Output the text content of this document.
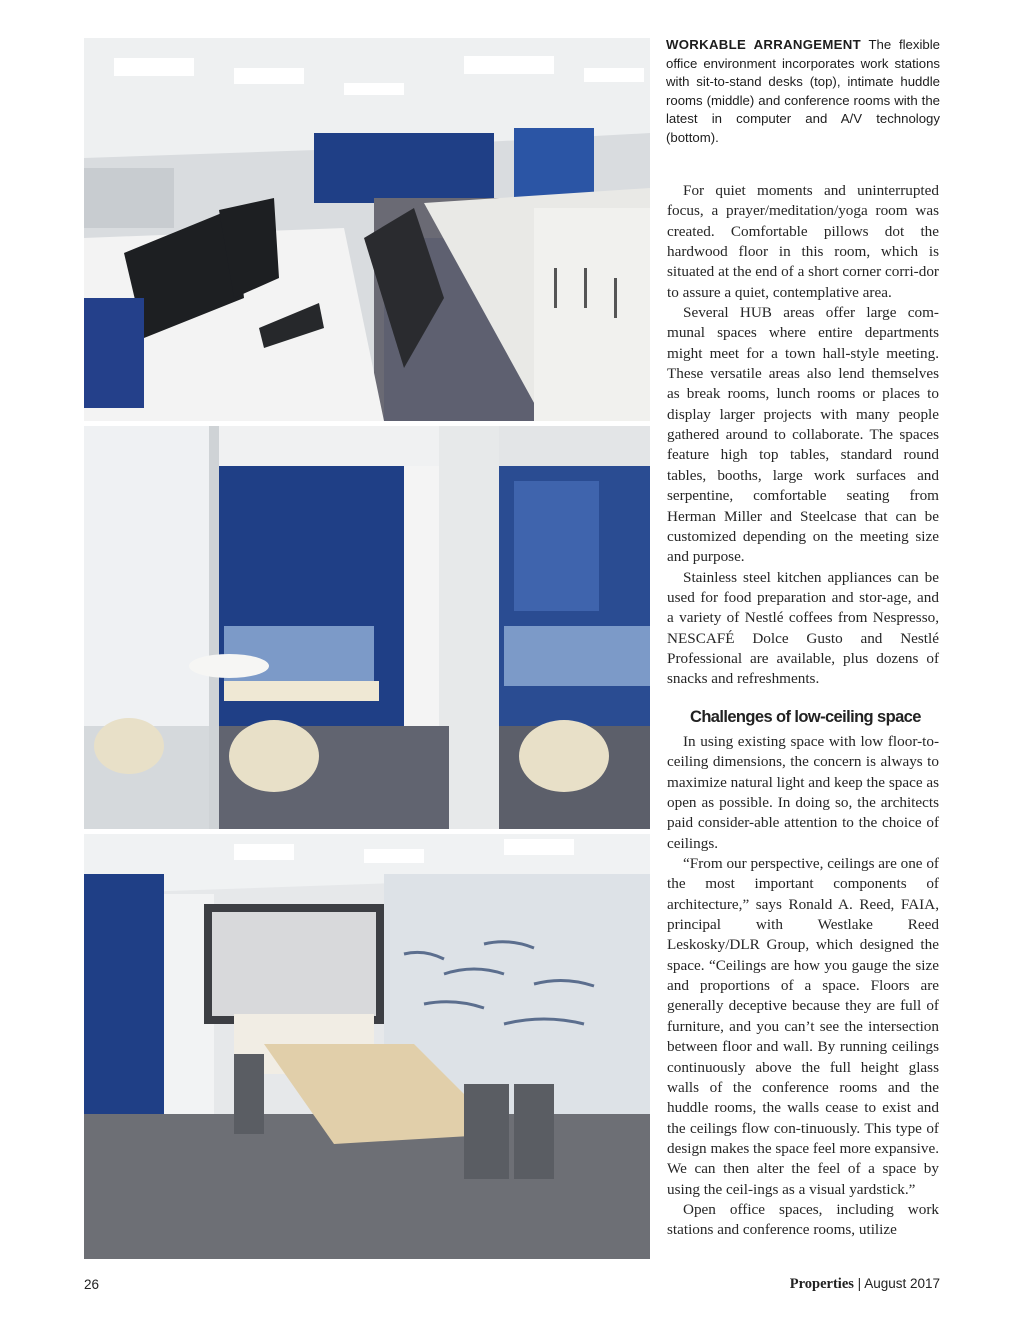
WORKABLE ARRANGEMENT The flexible office environment incorporates work stations with sit-to-stand desks (top), intimate huddle rooms (middle) and conference rooms with the latest in computer and A/V technology (bottom).

For quiet moments and uninterrupted focus, a prayer/meditation/yoga room was created. Comfortable pillows dot the hardwood floor in this room, which is situated at the end of a short corner corri-dor to assure a quiet, contemplative area.

Several HUB areas offer large com-munal spaces where entire departments might meet for a town hall-style meeting. These versatile areas also lend themselves as break rooms, lunch rooms or places to display larger projects with many people gathered around to collaborate. The spaces feature high top tables, standard round tables, booths, large work surfaces and serpentine, comfortable seating from Herman Miller and Steelcase that can be customized depending on the meeting size and purpose.

Stainless steel kitchen appliances can be used for food preparation and stor-age, and a variety of Nestlé coffees from Nespresso, NESCAFÉ Dolce Gusto and Nestlé Professional are available, plus dozens of snacks and refreshments.

Challenges of low-ceiling space

In using existing space with low floor-to-ceiling dimensions, the concern is always to maximize natural light and keep the space as open as possible. In doing so, the architects paid consider-able attention to the choice of ceilings.

“From our perspective, ceilings are one of the most important components of architecture,” says Ronald A. Reed, FAIA, principal with Westlake Reed Leskosky/DLR Group, which designed the space. “Ceilings are how you gauge the size and proportions of a space. Floors are generally deceptive because they are full of furniture, and you can’t see the intersection between floor and wall. By running ceilings continuously above the full height glass walls of the conference rooms and the huddle rooms, the walls cease to exist and the ceilings flow con-tinuously. This type of design makes the space feel more expansive. We can then alter the feel of a space by using the ceil-ings as a visual yardstick.”

Open office spaces, including work stations and conference rooms, utilize

26	Properties | August 2017
